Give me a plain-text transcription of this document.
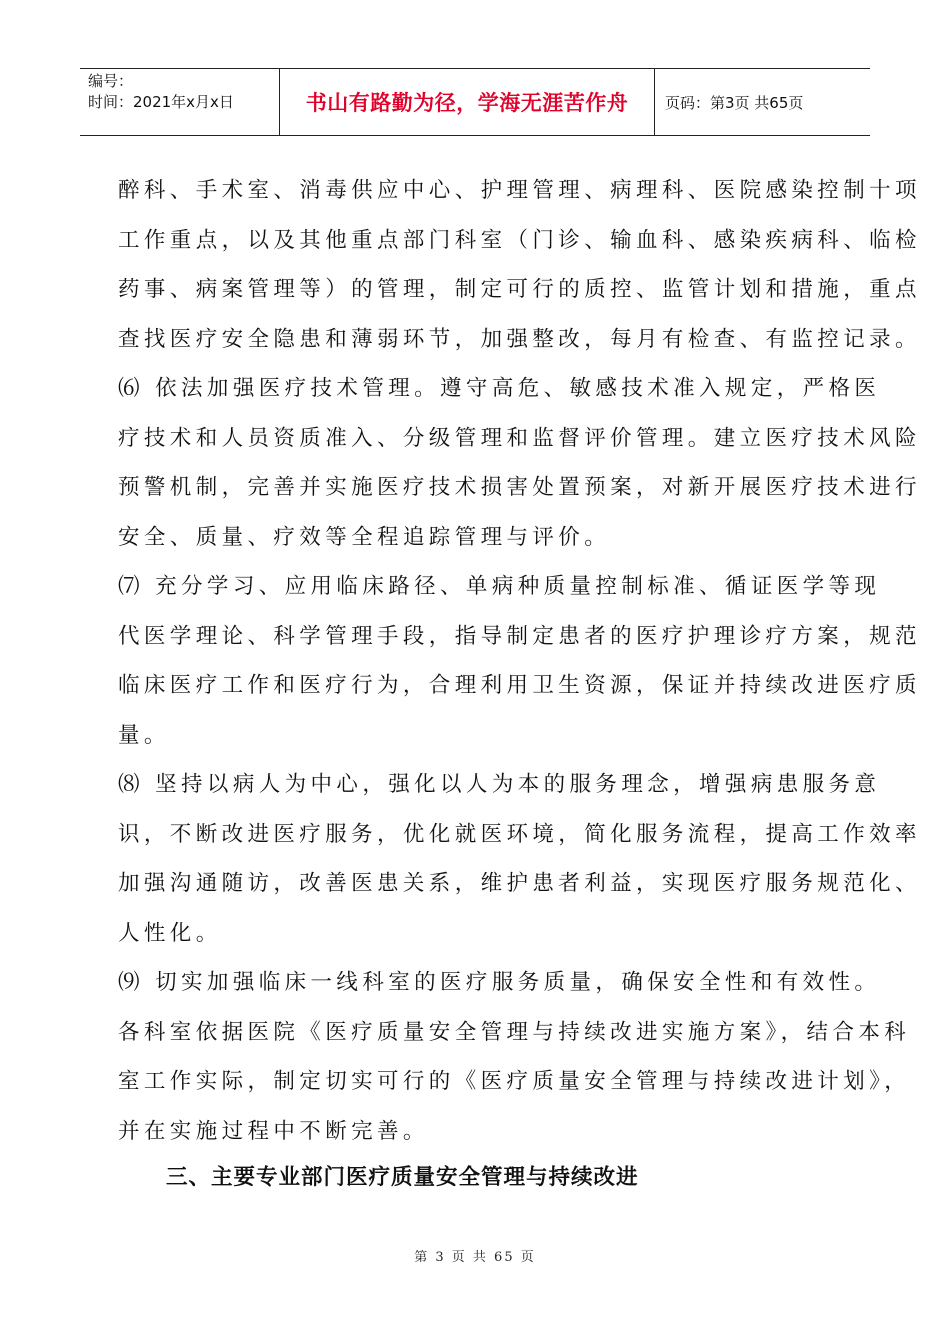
编号：
时间：2021年x月x日	书山有路勤为径，学海无涯苦作舟	页码：第3页 共65页
醉科、手术室、消毒供应中心、护理管理、病理科、医院感染控制十项
工作重点，以及其他重点部门科室（门诊、输血科、感染疾病科、临检
药事、病案管理等）的管理，制定可行的质控、监管计划和措施，重点
查找医疗安全隐患和薄弱环节，加强整改，每月有检查、有监控记录。
⑹ 依法加强医疗技术管理。遵守高危、敏感技术准入规定，严格医
疗技术和人员资质准入、分级管理和监督评价管理。建立医疗技术风险
预警机制，完善并实施医疗技术损害处置预案，对新开展医疗技术进行
安全、质量、疗效等全程追踪管理与评价。
⑺ 充分学习、应用临床路径、单病种质量控制标准、循证医学等现
代医学理论、科学管理手段，指导制定患者的医疗护理诊疗方案，规范
临床医疗工作和医疗行为，合理利用卫生资源，保证并持续改进医疗质
量。
⑻ 坚持以病人为中心，强化以人为本的服务理念，增强病患服务意
识，不断改进医疗服务，优化就医环境，简化服务流程，提高工作效率
加强沟通随访，改善医患关系，维护患者利益，实现医疗服务规范化、
人性化。
⑼ 切实加强临床一线科室的医疗服务质量，确保安全性和有效性。
各科室依据医院《医疗质量安全管理与持续改进实施方案》，结合本科
室工作实际，制定切实可行的《医疗质量安全管理与持续改进计划》，
并在实施过程中不断完善。
三、主要专业部门医疗质量安全管理与持续改进
第 3 页 共 65 页
